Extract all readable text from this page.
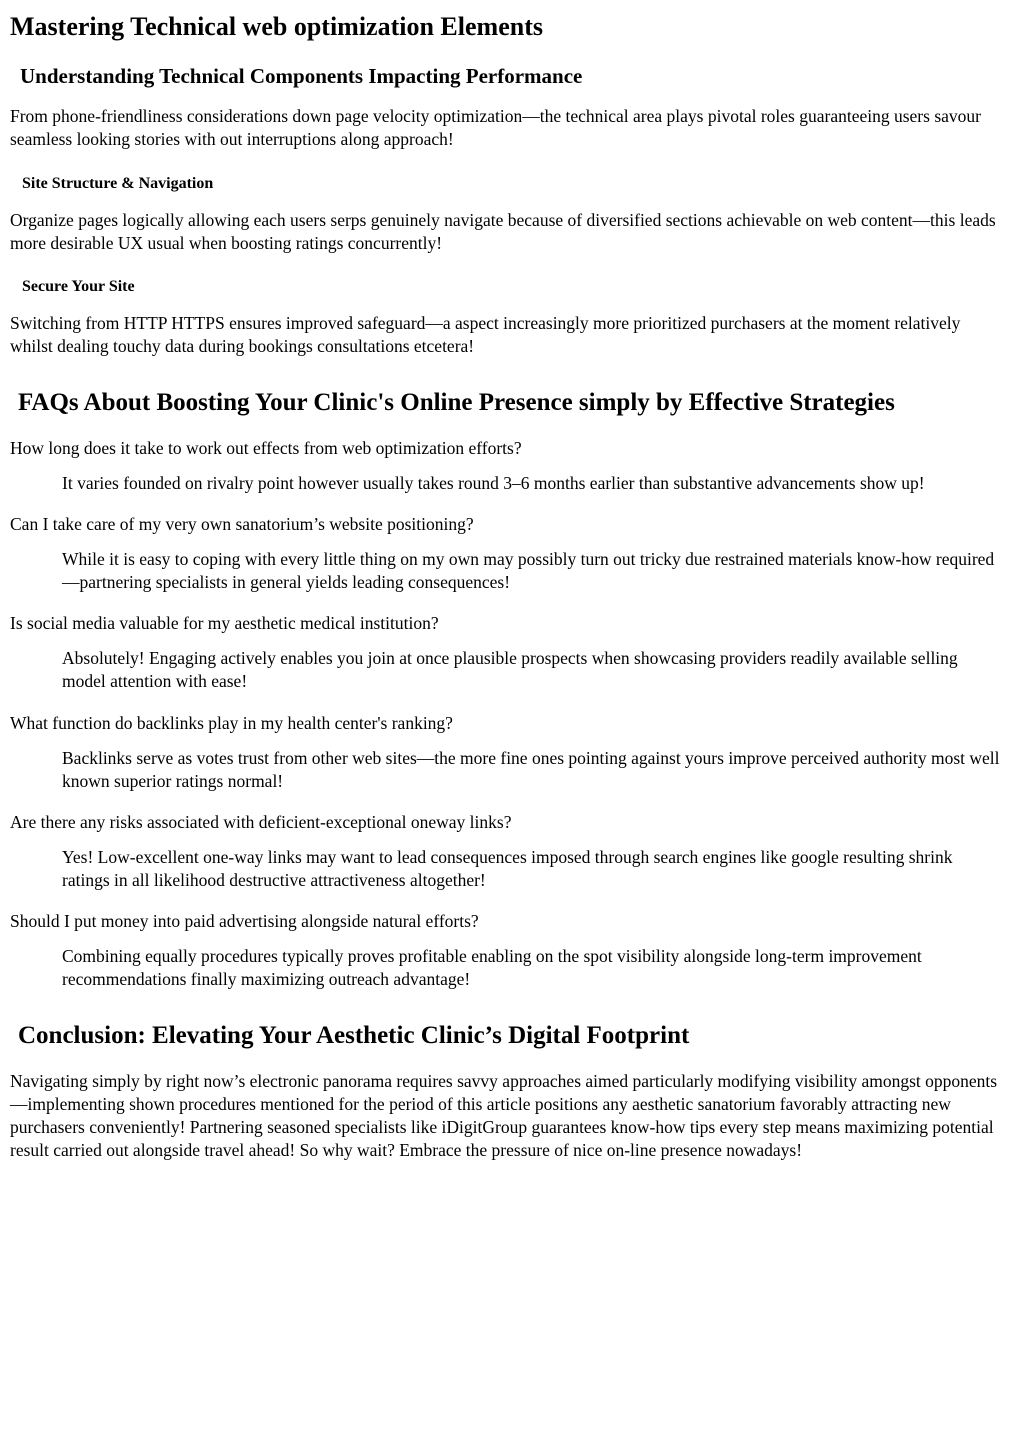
Mastering Technical web optimization Elements
Understanding Technical Components Impacting Performance

From phone-friendliness considerations down page velocity optimization—the technical area plays pivotal roles guaranteeing users savour seamless looking stories with out interruptions along approach!

Site Structure & Navigation

Organize pages logically allowing each users serps genuinely navigate because of diversified sections achievable on web content—this leads more desirable UX usual when boosting ratings concurrently!

Secure Your Site

Switching from HTTP HTTPS ensures improved safeguard—a aspect increasingly more prioritized purchasers at the moment relatively whilst dealing touchy data during bookings consultations etcetera!

FAQs About Boosting Your Clinic's Online Presence simply by Effective Strategies

How long does it take to work out effects from web optimization efforts?

It varies founded on rivalry point however usually takes round 3–6 months earlier than substantive advancements show up!

Can I take care of my very own sanatorium’s website positioning?

While it is easy to coping with every little thing on my own may possibly turn out tricky due restrained materials know-how required—partnering specialists in general yields leading consequences!

Is social media valuable for my aesthetic medical institution?

Absolutely! Engaging actively enables you join at once plausible prospects when showcasing providers readily available selling model attention with ease!

What function do backlinks play in my health center's ranking?

Backlinks serve as votes trust from other web sites—the more fine ones pointing against yours improve perceived authority most well known superior ratings normal!

Are there any risks associated with deficient-exceptional oneway links?

Yes! Low-excellent one-way links may want to lead consequences imposed through search engines like google resulting shrink ratings in all likelihood destructive attractiveness altogether!

Should I put money into paid advertising alongside natural efforts?

Combining equally procedures typically proves profitable enabling on the spot visibility alongside long-term improvement recommendations finally maximizing outreach advantage!

Conclusion: Elevating Your Aesthetic Clinic’s Digital Footprint

Navigating simply by right now’s electronic panorama requires savvy approaches aimed particularly modifying visibility amongst opponents—implementing shown procedures mentioned for the period of this article positions any aesthetic sanatorium favorably attracting new purchasers conveniently! Partnering seasoned specialists like iDigitGroup guarantees know-how tips every step means maximizing potential result carried out alongside travel ahead! So why wait? Embrace the pressure of nice on-line presence nowadays!
